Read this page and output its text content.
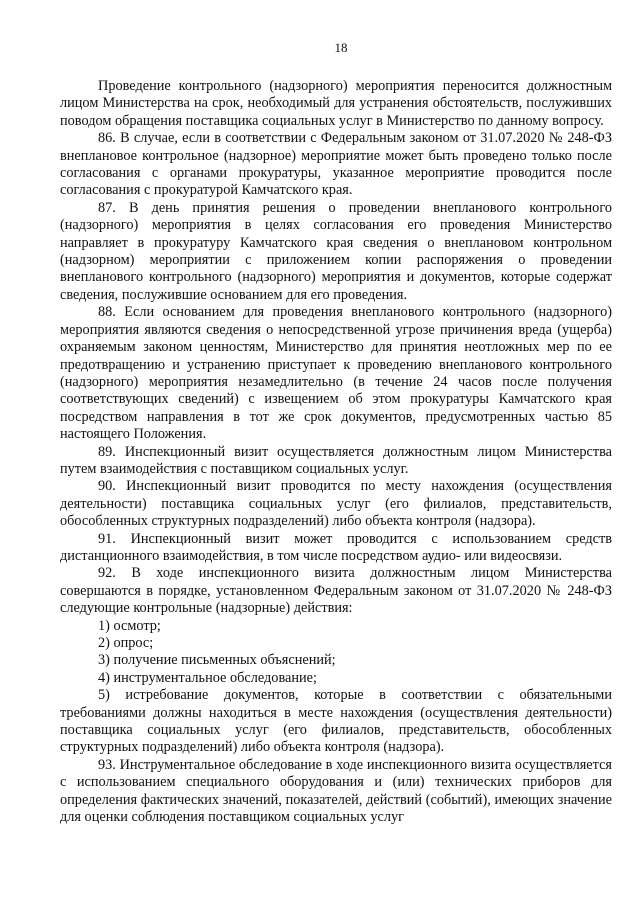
18

Проведение контрольного (надзорного) мероприятия переносится должностным лицом Министерства на срок, необходимый для устранения обстоятельств, послуживших поводом обращения поставщика социальных услуг в Министерство по данному вопросу.

86. В случае, если в соответствии с Федеральным законом от 31.07.2020 № 248-ФЗ внеплановое контрольное (надзорное) мероприятие может быть проведено только после согласования с органами прокуратуры, указанное мероприятие проводится после согласования с прокуратурой Камчатского края.

87. В день принятия решения о проведении внепланового контрольного (надзорного) мероприятия в целях согласования его проведения Министерство направляет в прокуратуру Камчатского края сведения о внеплановом контрольном (надзорном) мероприятии с приложением копии распоряжения о проведении внепланового контрольного (надзорного) мероприятия и документов, которые содержат сведения, послужившие основанием для его проведения.

88. Если основанием для проведения внепланового контрольного (надзорного) мероприятия являются сведения о непосредственной угрозе причинения вреда (ущерба) охраняемым законом ценностям, Министерство для принятия неотложных мер по ее предотвращению и устранению приступает к проведению внепланового контрольного (надзорного) мероприятия незамедлительно (в течение 24 часов после получения соответствующих сведений) с извещением об этом прокуратуры Камчатского края посредством направления в тот же срок документов, предусмотренных частью 85 настоящего Положения.

89. Инспекционный визит осуществляется должностным лицом Министерства путем взаимодействия с поставщиком социальных услуг.

90. Инспекционный визит проводится по месту нахождения (осуществления деятельности) поставщика социальных услуг (его филиалов, представительств, обособленных структурных подразделений) либо объекта контроля (надзора).

91. Инспекционный визит может проводится с использованием средств дистанционного взаимодействия, в том числе посредством аудио- или видеосвязи.

92. В ходе инспекционного визита должностным лицом Министерства совершаются в порядке, установленном Федеральным законом от 31.07.2020 № 248-ФЗ следующие контрольные (надзорные) действия:

1) осмотр;

2) опрос;

3) получение письменных объяснений;

4) инструментальное обследование;

5) истребование документов, которые в соответствии с обязательными требованиями должны находиться в месте нахождения (осуществления деятельности) поставщика социальных услуг (его филиалов, представительств, обособленных структурных подразделений) либо объекта контроля (надзора).

93. Инструментальное обследование в ходе инспекционного визита осуществляется с использованием специального оборудования и (или) технических приборов для определения фактических значений, показателей, действий (событий), имеющих значение для оценки соблюдения поставщиком социальных услуг
